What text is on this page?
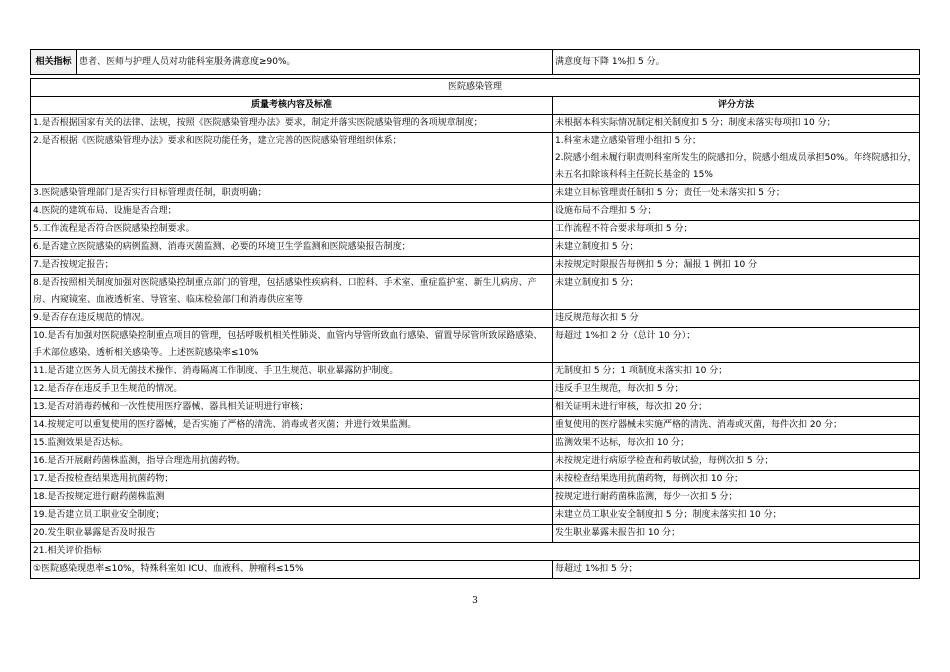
相关指标	患者、医师与护理人员对功能科室服务满意度≥90%。	满意度每下降 1%扣 5 分。
医院感染管理	
质量考核内容及标准	评分方法
1.是否根据国家有关的法律、法规，按照《医院感染管理办法》要求，制定并落实医院感染管理的各项规章制度；	未根据本科实际情况制定相关制度扣 5 分；制度未落实每项扣 10 分；
2.是否根据《医院感染管理办法》要求和医院功能任务，建立完善的医院感染管理组织体系；	1.科室未建立感染管理小组扣 5 分；
2.院感小组未履行职责则科室所发生的院感扣分，院感小组成员承担50%。年终院感扣分，未五名扣除该科科主任院长基金的 15%
3.医院感染管理部门是否实行目标管理责任制，职责明确；	未建立目标管理责任制扣 5 分；责任一处未落实扣 5 分；
4.医院的建筑布局、设施是否合理；	设施布局不合理扣 5 分；
5.工作流程是否符合医院感染控制要求。	工作流程不符合要求每项扣 5 分；
6.是否建立医院感染的病例监测、消毒灭菌监测、必要的环境卫生学监测和医院感染报告制度；	未建立制度扣 5 分；
7.是否按规定报告；	未按规定时限报告每例扣 5 分；漏报 1 例扣 10 分
8.是否按照相关制度加强对医院感染控制重点部门的管理，包括感染性疾病科、口腔科、手术室、重症监护室、新生儿病房、产房、内窥镜室、血液透析室、导管室、临床检验部门和消毒供应室等	未建立制度扣 5 分；
9.是否存在违反规范的情况。	违反规范每次扣 5 分
10.是否有加强对医院感染控制重点项目的管理，包括呼吸机相关性肺炎、血管内导管所致血行感染、留置导尿管所致尿路感染、手术部位感染、透析相关感染等。上述医院感染率≤10%	每超过 1%扣 2 分（总计 10 分）；
11.是否建立医务人员无菌技术操作、消毒隔离工作制度、手卫生规范、职业暴露防护制度。	无制度扣 5 分；1 项制度未落实扣 10 分；
12.是否存在违反手卫生规范的情况。	违反手卫生规范，每次扣 5 分；
13.是否对消毒药械和一次性使用医疗器械、器具相关证明进行审核；	相关证明未进行审核，每次扣 20 分；
14.按规定可以重复使用的医疗器械，是否实施了严格的清洗、消毒或者灭菌；并进行效果监测。	重复使用的医疗器械未实施严格的清洗、消毒或灭菌，每件次扣 20 分；
15.监测效果是否达标。	监测效果不达标，每次扣 10 分；
16.是否开展耐药菌株监测，指导合理选用抗菌药物。	未按规定进行病原学检查和药敏试验，每例次扣 5 分；
17.是否按检查结果选用抗菌药物；	未按检查结果选用抗菌药物，每例次扣 10 分；
18.是否按规定进行耐药菌株监测	按规定进行耐药菌株监测，每少一次扣 5 分；
19.是否建立员工职业安全制度；	未建立员工职业安全制度扣 5 分；制度未落实扣 10 分；
20.发生职业暴露是否及时报告	发生职业暴露未报告扣 10 分；
21.相关评价指标	
①医院感染现患率≤10%，特殊科室如 ICU、血液科、肿瘤科≤15%	每超过 1%扣 5 分；
3
